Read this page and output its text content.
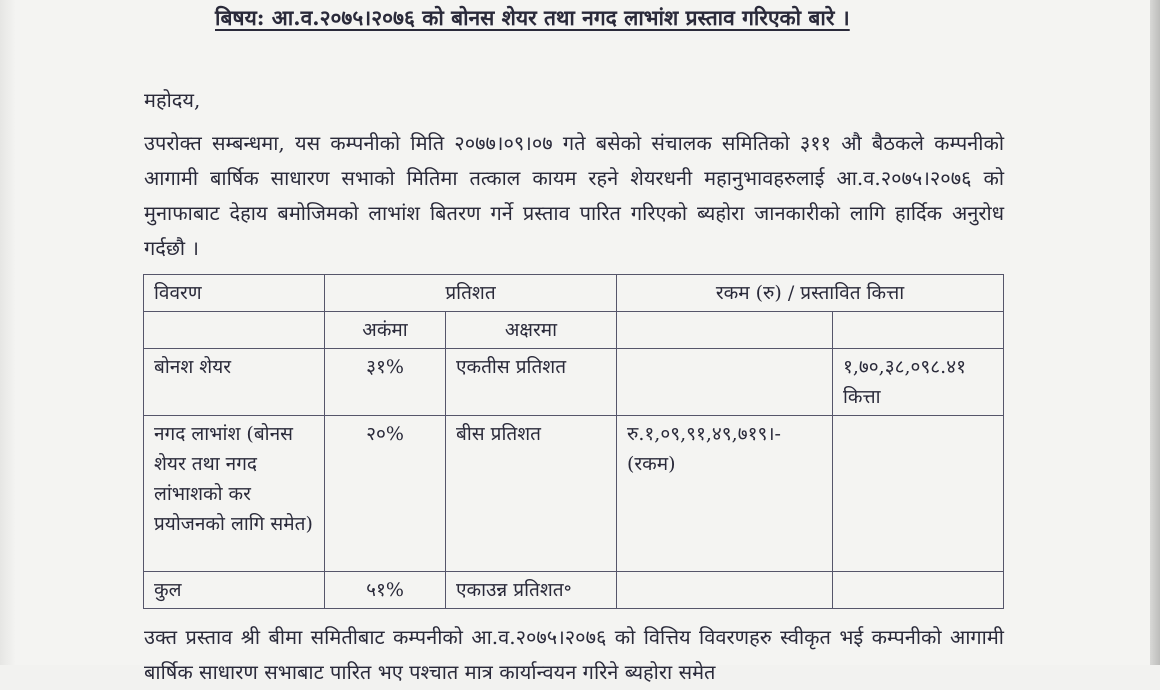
बिषय: आ.व.२०७५।२०७६ को बोनस शेयर तथा नगद लाभांश प्रस्ताव गरिएको बारे ।
महोदय,
उपरोक्त सम्बन्धमा, यस कम्पनीको मिति २०७७।०९।०७ गते बसेको संचालक समितिको ३११ औ बैठकले कम्पनीको आगामी बार्षिक साधारण सभाको मितिमा तत्काल कायम रहने शेयरधनी महानुभावहरुलाई आ.व.२०७५।२०७६ को मुनाफाबाट देहाय बमोजिमको लाभांश बितरण गर्ने प्रस्ताव पारित गरिएको ब्यहोरा जानकारीको लागि हार्दिक अनुरोध गर्दछौ ।
विवरण	प्रतिशत		रकम (रु) / प्रस्तावित कित्ता	
	अकंमा	अक्षरमा		
बोनश शेयर	३१%	एकतीस प्रतिशत		१,७०,३८,०९८.४१ कित्ता
नगद लाभांश (बोनस शेयर तथा नगद लांभाशको कर प्रयोजनको लागि समेत)	२०%	बीस प्रतिशत	रु.१,०९,९१,४९,७१९।- (रकम)	
कुल	५१%	एकाउन्न प्रतिशत॰		
उक्त प्रस्ताव श्री बीमा समितीबाट कम्पनीको आ.व.२०७५।२०७६ को वित्तिय विवरणहरु स्वीकृत भई कम्पनीको आगामी बार्षिक साधारण सभाबाट पारित भए पश्चात मात्र कार्यान्वयन गरिने ब्यहोरा समेत
